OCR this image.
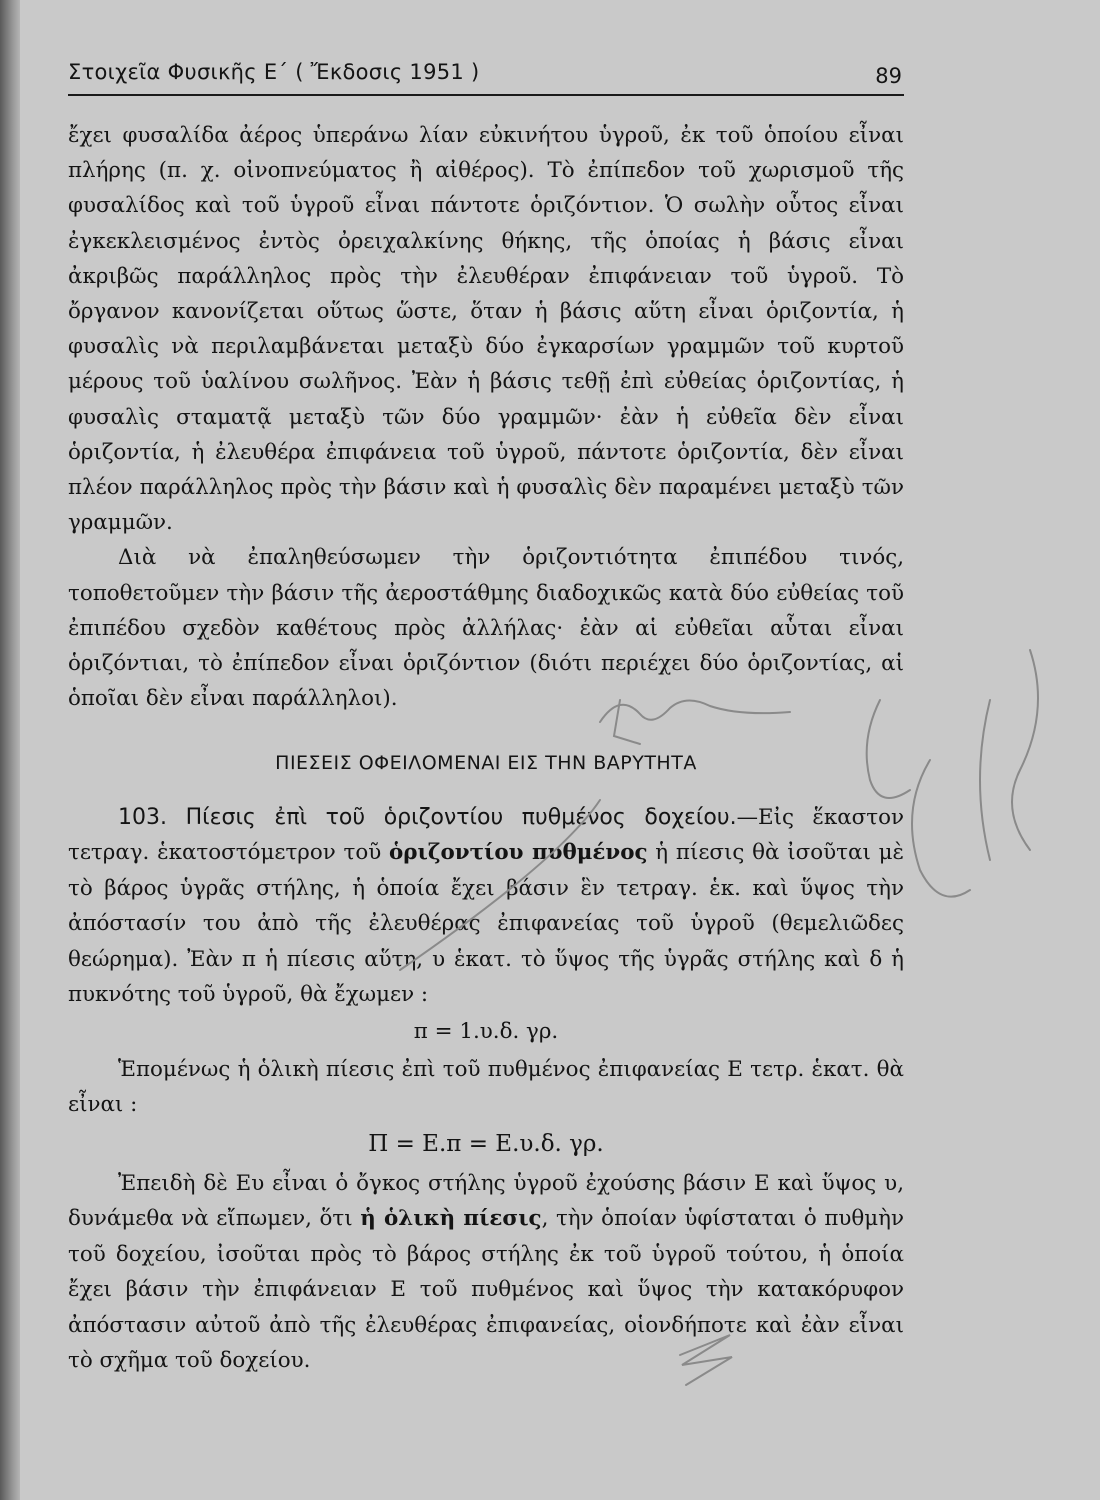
Στοιχεῖα Φυσικῆς Ε΄ ( Ἔκδοσις 1951 )	89

ἔχει φυσαλίδα ἀέρος ὑπεράνω λίαν εὐκινήτου ὑγροῦ, ἐκ τοῦ ὁποίου εἶναι πλήρης (π. χ. οἰνοπνεύματος ἢ αἰθέρος). Τὸ ἐπίπεδον τοῦ χωρισμοῦ τῆς φυσαλίδος καὶ τοῦ ὑγροῦ εἶναι πάντοτε ὁριζόντιον. Ὁ σωλὴν οὗτος εἶναι ἐγκεκλεισμένος ἐντὸς ὀρειχαλκίνης θήκης, τῆς ὁποίας ἡ βάσις εἶναι ἀκριβῶς παράλληλος πρὸς τὴν ἐλευθέραν ἐπιφάνειαν τοῦ ὑγροῦ. Τὸ ὄργανον κανονίζεται οὕτως ὥστε, ὅταν ἡ βάσις αὕτη εἶναι ὁριζοντία, ἡ φυσαλὶς νὰ περιλαμβάνεται μεταξὺ δύο ἐγκαρσίων γραμμῶν τοῦ κυρτοῦ μέρους τοῦ ὑαλίνου σωλῆνος. Ἐὰν ἡ βάσις τεθῇ ἐπὶ εὐθείας ὁριζοντίας, ἡ φυσαλὶς σταματᾷ μεταξὺ τῶν δύο γραμμῶν· ἐὰν ἡ εὐθεῖα δὲν εἶναι ὁριζοντία, ἡ ἐλευθέρα ἐπιφάνεια τοῦ ὑγροῦ, πάντοτε ὁριζοντία, δὲν εἶναι πλέον παράλληλος πρὸς τὴν βάσιν καὶ ἡ φυσαλὶς δὲν παραμένει μεταξὺ τῶν γραμμῶν.

Διὰ νὰ ἐπαληθεύσωμεν τὴν ὁριζοντιότητα ἐπιπέδου τινός, τοποθετοῦμεν τὴν βάσιν τῆς ἀεροστάθμης διαδοχικῶς κατὰ δύο εὐθείας τοῦ ἐπιπέδου σχεδὸν καθέτους πρὸς ἀλλήλας· ἐὰν αἱ εὐθεῖαι αὗται εἶναι ὁριζόντιαι, τὸ ἐπίπεδον εἶναι ὁριζόντιον (διότι περιέχει δύο ὁριζοντίας, αἱ ὁποῖαι δὲν εἶναι παράλληλοι).

ΠΙΕΣΕΙΣ ΟΦΕΙΛΟΜΕΝΑΙ ΕΙΣ ΤΗΝ ΒΑΡΥΤΗΤΑ

103. Πίεσις ἐπὶ τοῦ ὁριζοντίου πυθμένος δοχείου.—Εἰς ἕκαστον τετραγ. ἑκατοστόμετρον τοῦ ὁριζοντίου πυθμένος ἡ πίεσις θὰ ἰσοῦται μὲ τὸ βάρος ὑγρᾶς στήλης, ἡ ὁποία ἔχει βάσιν ἓν τετραγ. ἑκ. καὶ ὕψος τὴν ἀπόστασίν του ἀπὸ τῆς ἐλευθέρας ἐπιφανείας τοῦ ὑγροῦ (θεμελιῶδες θεώρημα). Ἐὰν π ἡ πίεσις αὕτη, υ ἑκατ. τὸ ὕψος τῆς ὑγρᾶς στήλης καὶ δ ἡ πυκνότης τοῦ ὑγροῦ, θὰ ἔχωμεν :

π = 1.υ.δ. γρ.

Ἑπομένως ἡ ὁλικὴ πίεσις ἐπὶ τοῦ πυθμένος ἐπιφανείας Ε τετρ. ἑκατ. θὰ εἶναι :

Π = Ε.π = Ε.υ.δ. γρ.

Ἐπειδὴ δὲ Ευ εἶναι ὁ ὄγκος στήλης ὑγροῦ ἐχούσης βάσιν Ε καὶ ὕψος υ, δυνάμεθα νὰ εἴπωμεν, ὅτι ἡ ὁλικὴ πίεσις, τὴν ὁποίαν ὑφίσταται ὁ πυθμὴν τοῦ δοχείου, ἰσοῦται πρὸς τὸ βάρος στήλης ἐκ τοῦ ὑγροῦ τούτου, ἡ ὁποία ἔχει βάσιν τὴν ἐπιφάνειαν Ε τοῦ πυθμένος καὶ ὕψος τὴν κατακόρυφον ἀπόστασιν αὐτοῦ ἀπὸ τῆς ἐλευθέρας ἐπιφανείας, οἱονδήποτε καὶ ἐὰν εἶναι τὸ σχῆμα τοῦ δοχείου.
